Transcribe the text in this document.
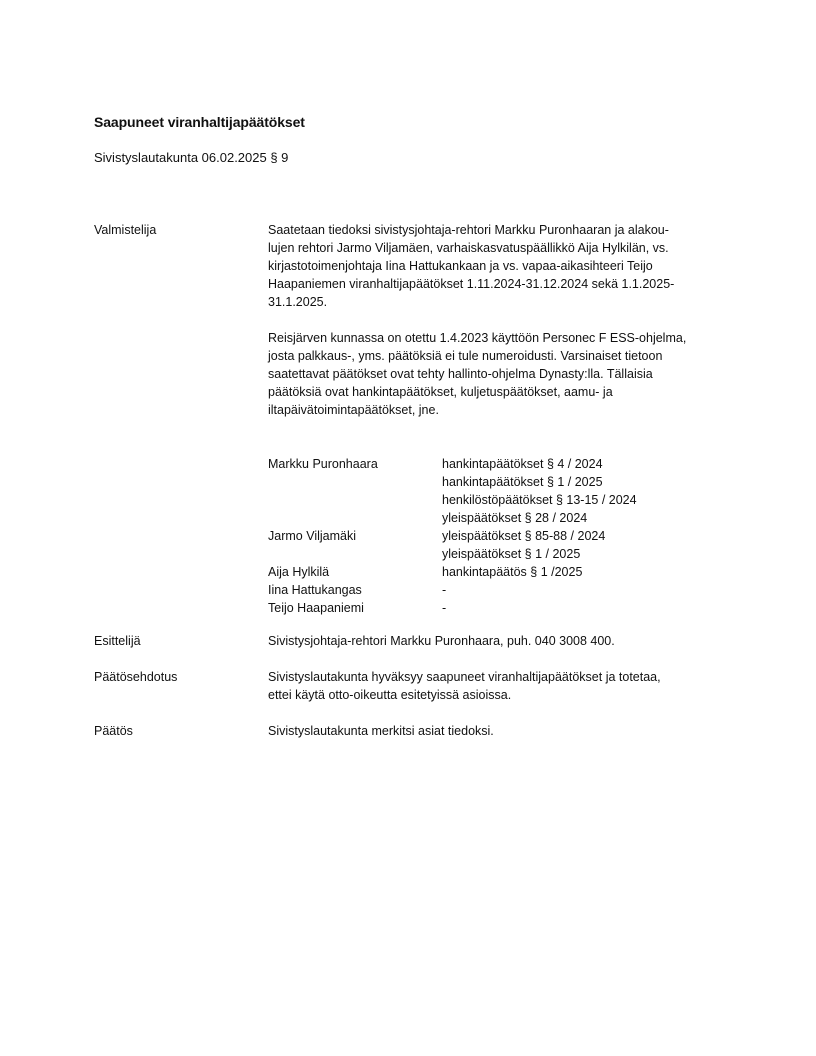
Saapuneet viranhaltijapäätökset
Sivistyslautakunta 06.02.2025 § 9
Valmistelija	Saatetaan tiedoksi sivistysjohtaja-rehtori Markku Puronhaaran ja alakou-

lujen rehtori Jarmo Viljamäen, varhaiskasvatuspäällikkö Aija Hylkilän, vs.

kirjastotoimenjohtaja Iina Hattukankaan ja vs. vapaa-aikasihteeri Teijo

Haapaniemen viranhaltijapäätökset 1.11.2024-31.12.2024 sekä 1.1.2025-

31.1.2025.

Reisjärven kunnassa on otettu 1.4.2023 käyttöön Personec F ESS-ohjelma,

josta palkkaus-, yms. päätöksiä ei tule numeroidusti. Varsinaiset tietoon

saatettavat päätökset ovat tehty hallinto-ohjelma Dynasty:lla. Tällaisia

päätöksiä ovat hankintapäätökset, kuljetuspäätökset, aamu- ja

iltapäivätoimintapäätökset, jne.

Markku Puronhaara	hankintapäätökset § 4 / 2024
hankintapäätökset § 1 / 2025
henkilöstöpäätökset § 13-15 / 2024
yleispäätökset § 28 / 2024
Jarmo Viljamäki	yleispäätökset § 85-88 / 2024
yleispäätökset § 1 / 2025
Aija Hylkilä	hankintapäätös § 1 /2025
Iina Hattukangas	-
Teijo Haapaniemi	-
Esittelijä	Sivistysjohtaja-rehtori Markku Puronhaara, puh. 040 3008 400.

Päätösehdotus	Sivistyslautakunta hyväksyy saapuneet viranhaltijapäätökset ja totetaa,

ettei käytä otto-oikeutta esitetyissä asioissa.

Päätös	Sivistyslautakunta merkitsi asiat tiedoksi.
